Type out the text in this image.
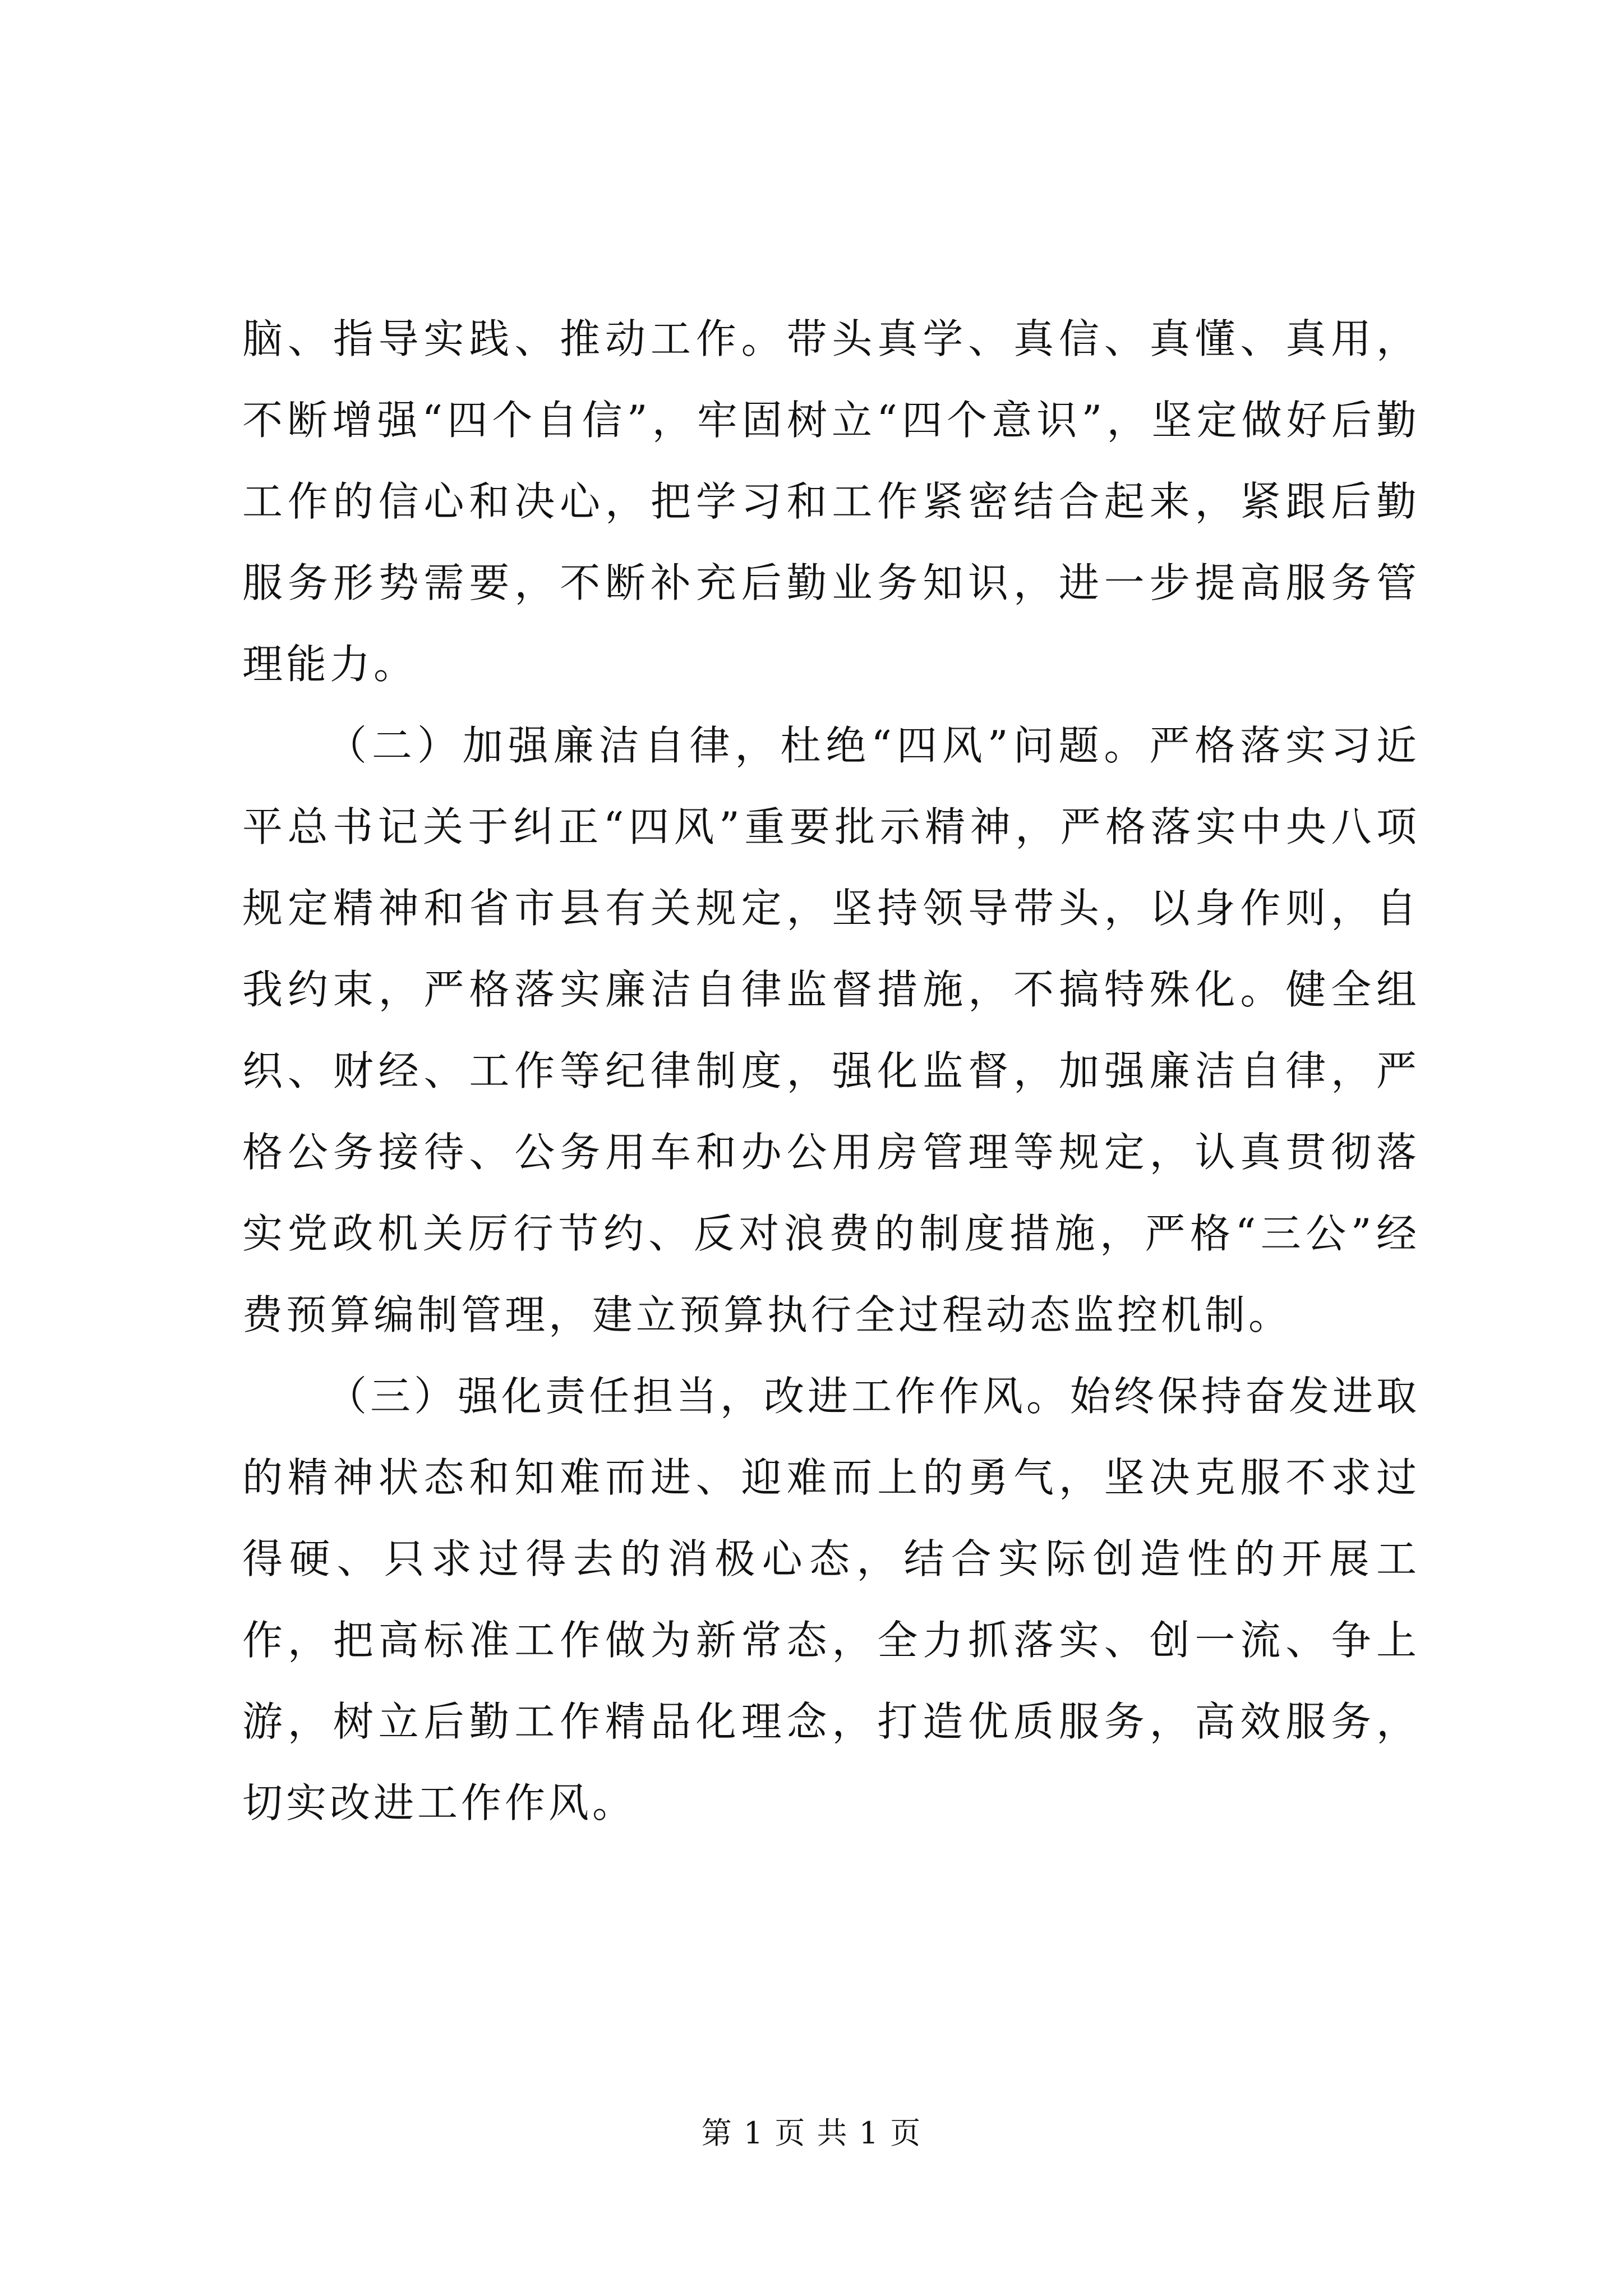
脑、指导实践、推动工作。带头真学、真信、真懂、真用，不断增强“四个自信”，牢固树立“四个意识”，坚定做好后勤工作的信心和决心，把学习和工作紧密结合起来，紧跟后勤服务形势需要，不断补充后勤业务知识，进一步提高服务管理能力。

（二）加强廉洁自律，杜绝“四风”问题。严格落实习近平总书记关于纠正“四风”重要批示精神，严格落实中央八项规定精神和省市县有关规定，坚持领导带头，以身作则，自我约束，严格落实廉洁自律监督措施，不搞特殊化。健全组织、财经、工作等纪律制度，强化监督，加强廉洁自律，严格公务接待、公务用车和办公用房管理等规定，认真贯彻落实党政机关厉行节约、反对浪费的制度措施，严格“三公”经费预算编制管理，建立预算执行全过程动态监控机制。

（三）强化责任担当，改进工作作风。始终保持奋发进取的精神状态和知难而进、迎难而上的勇气，坚决克服不求过得硬、只求过得去的消极心态，结合实际创造性的开展工作，把高标准工作做为新常态，全力抓落实、创一流、争上游，树立后勤工作精品化理念，打造优质服务，高效服务，切实改进工作作风。

第 1 页 共 1 页
